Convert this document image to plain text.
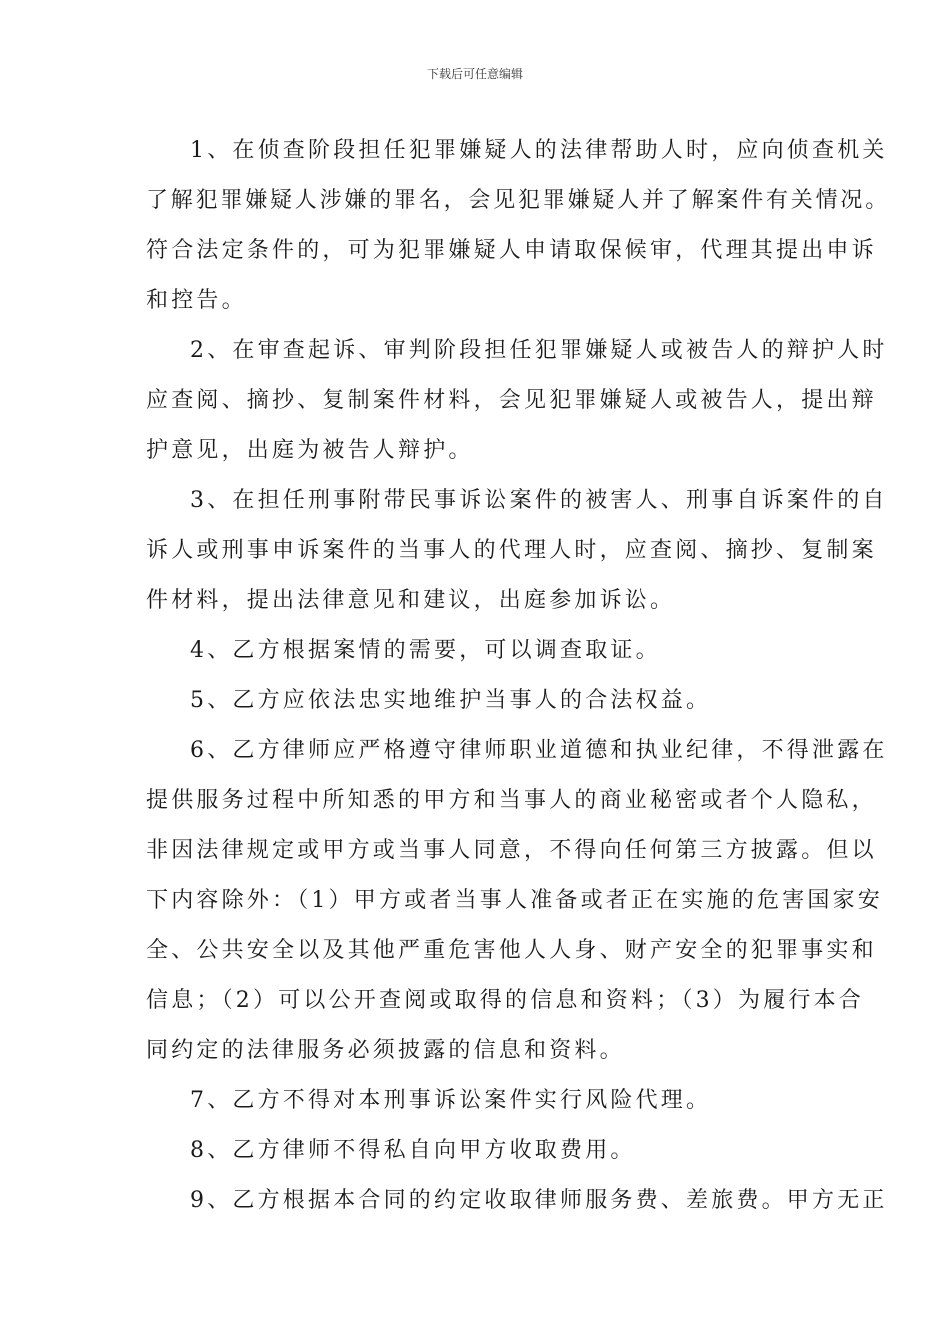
下载后可任意编辑
1、在侦查阶段担任犯罪嫌疑人的法律帮助人时，应向侦查机关
了解犯罪嫌疑人涉嫌的罪名，会见犯罪嫌疑人并了解案件有关情况。
符合法定条件的，可为犯罪嫌疑人申请取保候审，代理其提出申诉
和控告。
2、在审查起诉、审判阶段担任犯罪嫌疑人或被告人的辩护人时
应查阅、摘抄、复制案件材料，会见犯罪嫌疑人或被告人，提出辩
护意见，出庭为被告人辩护。
3、在担任刑事附带民事诉讼案件的被害人、刑事自诉案件的自
诉人或刑事申诉案件的当事人的代理人时，应查阅、摘抄、复制案
件材料，提出法律意见和建议，出庭参加诉讼。
4、乙方根据案情的需要，可以调查取证。
5、乙方应依法忠实地维护当事人的合法权益。
6、乙方律师应严格遵守律师职业道德和执业纪律，不得泄露在
提供服务过程中所知悉的甲方和当事人的商业秘密或者个人隐私，
非因法律规定或甲方或当事人同意，不得向任何第三方披露。但以
下内容除外：（1）甲方或者当事人准备或者正在实施的危害国家安
全、公共安全以及其他严重危害他人人身、财产安全的犯罪事实和
信息；（2）可以公开查阅或取得的信息和资料；（3）为履行本合
同约定的法律服务必须披露的信息和资料。
7、乙方不得对本刑事诉讼案件实行风险代理。
8、乙方律师不得私自向甲方收取费用。
9、乙方根据本合同的约定收取律师服务费、差旅费。甲方无正
